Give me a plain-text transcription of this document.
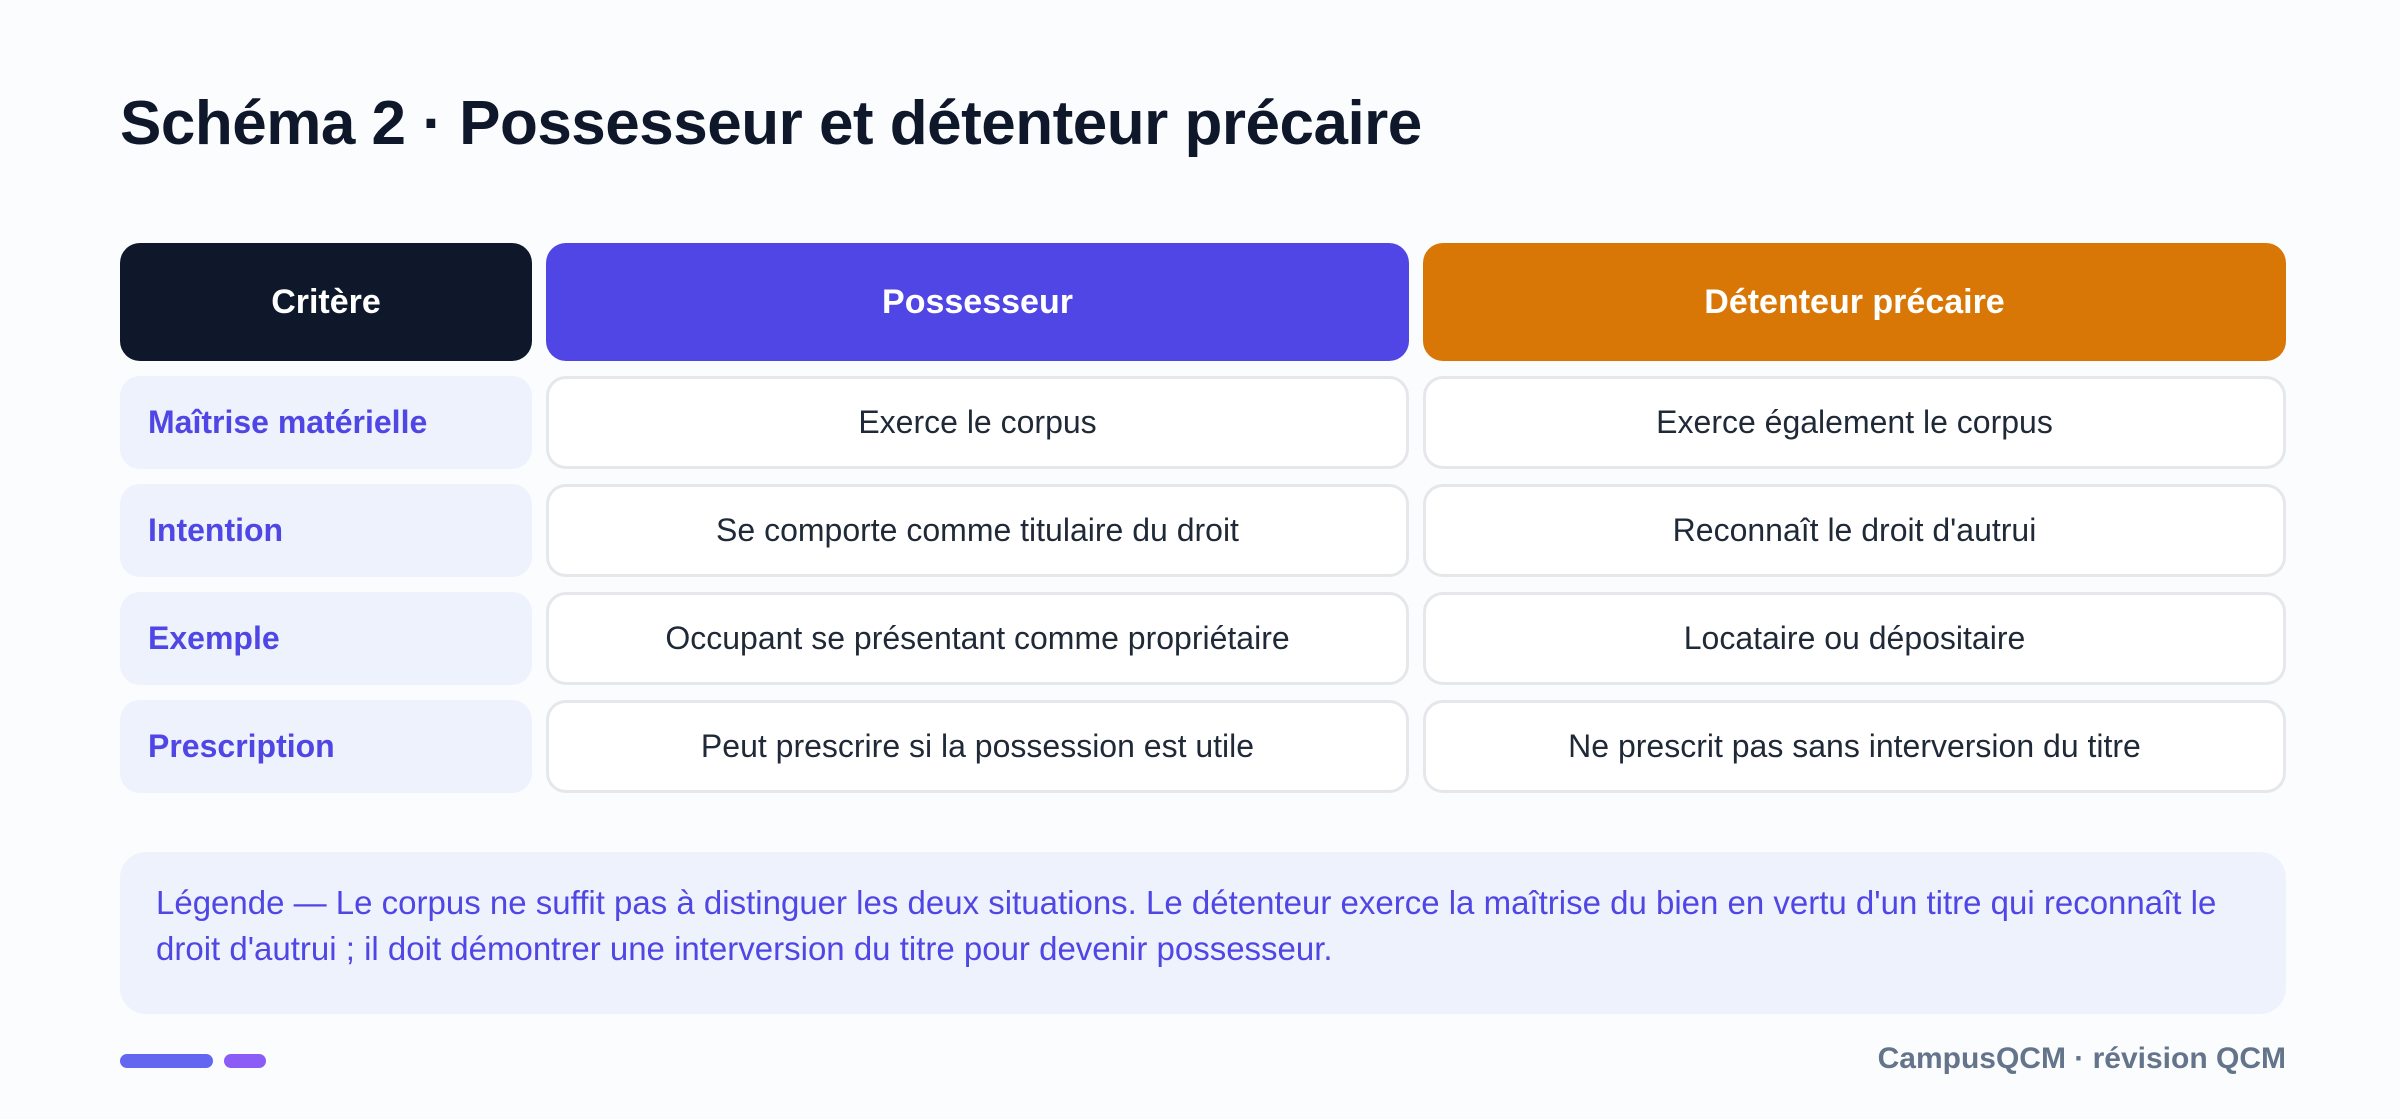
Schéma 2 · Possesseur et détenteur précaire
Critère	Possesseur	Détenteur précaire
Maîtrise matérielle	Exerce le corpus	Exerce également le corpus
Intention	Se comporte comme titulaire du droit	Reconnaît le droit d'autrui
Exemple	Occupant se présentant comme propriétaire	Locataire ou dépositaire
Prescription	Peut prescrire si la possession est utile	Ne prescrit pas sans interversion du titre
Légende — Le corpus ne suffit pas à distinguer les deux situations. Le détenteur exerce la maîtrise du bien en vertu d'un titre qui reconnaît le droit d'autrui ; il doit démontrer une interversion du titre pour devenir possesseur.
CampusQCM · révision QCM
